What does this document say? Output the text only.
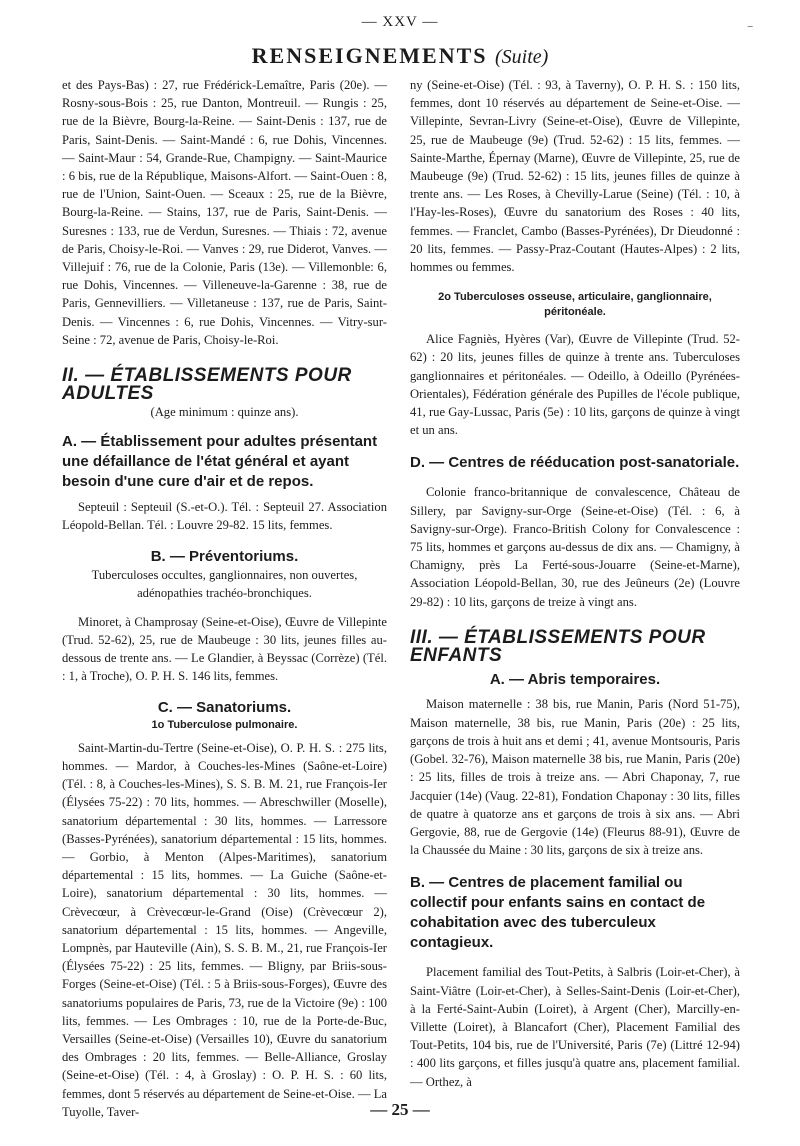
— XXV —
‾
RENSEIGNEMENTS (Suite)

et des Pays-Bas) : 27, rue Frédérick-Lemaître, Paris (20e). — Rosny-sous-Bois : 25, rue Danton, Montreuil. — Rungis : 25, rue de la Bièvre, Bourg-la-Reine. — Saint-Denis : 137, rue de Paris, Saint-Denis. — Saint-Mandé : 6, rue Dohis, Vincennes. — Saint-Maur : 54, Grande-Rue, Champigny. — Saint-Maurice : 6 bis, rue de la République, Maisons-Alfort. — Saint-Ouen : 8, rue de l'Union, Saint-Ouen. — Sceaux : 25, rue de la Bièvre, Bourg-la-Reine. — Stains, 137, rue de Paris, Saint-Denis. — Suresnes : 133, rue de Verdun, Suresnes. — Thiais : 72, avenue de Paris, Choisy-le-Roi. — Vanves : 29, rue Diderot, Vanves. — Villejuif : 76, rue de la Colonie, Paris (13e). — Villemonble: 6, rue Dohis, Vincennes. — Villeneuve-la-Garenne : 38, rue de Paris, Gennevilliers. — Villetaneuse : 137, rue de Paris, Saint-Denis. — Vincennes : 6, rue Dohis, Vincennes. — Vitry-sur-Seine : 72, avenue de Paris, Choisy-le-Roi.

II. — ÉTABLISSEMENTS POUR ADULTES

(Age minimum : quinze ans).

A. — Établissement pour adultes présentant une défaillance de l'état général et ayant besoin d'une cure d'air et de repos.

Septeuil : Septeuil (S.-et-O.). Tél. : Septeuil 27. Association Léopold-Bellan. Tél. : Louvre 29-82. 15 lits, femmes.

B. — Préventoriums.

Tuberculoses occultes, ganglionnaires, non ouvertes, adénopathies trachéo-bronchiques.

Minoret, à Champrosay (Seine-et-Oise), Œuvre de Villepinte (Trud. 52-62), 25, rue de Maubeuge : 30 lits, jeunes filles au-dessous de trente ans. — Le Glandier, à Beyssac (Corrèze) (Tél. : 1, à Troche), O. P. H. S. 146 lits, femmes.

C. — Sanatoriums.

1o Tuberculose pulmonaire.

Saint-Martin-du-Tertre (Seine-et-Oise), O. P. H. S. : 275 lits, hommes. — Mardor, à Couches-les-Mines (Saône-et-Loire) (Tél. : 8, à Couches-les-Mines), S. S. B. M. 21, rue François-Ier (Élysées 75-22) : 70 lits, hommes. — Abreschwiller (Moselle), sanatorium départemental : 30 lits, hommes. — Larressore (Basses-Pyrénées), sanatorium départemental : 15 lits, hommes. — Gorbio, à Menton (Alpes-Maritimes), sanatorium départemental : 15 lits, hommes. — La Guiche (Saône-et-Loire), sanatorium départemental : 30 lits, hommes. — Crèvecœur, à Crèvecœur-le-Grand (Oise) (Crèvecœur 2), sanatorium départemental : 15 lits, hommes. — Angeville, Lompnès, par Hauteville (Ain), S. S. B. M., 21, rue François-Ier (Élysées 75-22) : 25 lits, femmes. — Bligny, par Briis-sous-Forges (Seine-et-Oise) (Tél. : 5 à Briis-sous-Forges), Œuvre des sanatoriums populaires de Paris, 73, rue de la Victoire (9e) : 100 lits, femmes. — Les Ombrages : 10, rue de la Porte-de-Buc, Versailles (Seine-et-Oise) (Versailles 10), Œuvre du sanatorium des Ombrages : 20 lits, femmes. — Belle-Alliance, Groslay (Seine-et-Oise) (Tél. : 4, à Groslay) : O. P. H. S. : 60 lits, femmes, dont 5 réservés au département de Seine-et-Oise. — La Tuyolle, Taver-

ny (Seine-et-Oise) (Tél. : 93, à Taverny), O. P. H. S. : 150 lits, femmes, dont 10 réservés au département de Seine-et-Oise. — Villepinte, Sevran-Livry (Seine-et-Oise), Œuvre de Villepinte, 25, rue de Maubeuge (9e) (Trud. 52-62) : 15 lits, femmes. — Sainte-Marthe, Épernay (Marne), Œuvre de Villepinte, 25, rue de Maubeuge (9e) (Trud. 52-62) : 15 lits, jeunes filles de quinze à trente ans. — Les Roses, à Chevilly-Larue (Seine) (Tél. : 10, à l'Hay-les-Roses), Œuvre du sanatorium des Roses : 40 lits, femmes. — Franclet, Cambo (Basses-Pyrénées), Dr Dieudonné : 20 lits, femmes. — Passy-Praz-Coutant (Hautes-Alpes) : 2 lits, hommes ou femmes.

2o Tuberculoses osseuse, articulaire, ganglionnaire, péritonéale.

Alice Fagniès, Hyères (Var), Œuvre de Villepinte (Trud. 52-62) : 20 lits, jeunes filles de quinze à trente ans. Tuberculoses ganglionnaires et péritonéales. — Odeillo, à Odeillo (Pyrénées-Orientales), Fédération générale des Pupilles de l'école publique, 41, rue Gay-Lussac, Paris (5e) : 10 lits, garçons de quinze à vingt et un ans.

D. — Centres de rééducation post-sanatoriale.

Colonie franco-britannique de convalescence, Château de Sillery, par Savigny-sur-Orge (Seine-et-Oise) (Tél. : 6, à Savigny-sur-Orge). Franco-British Colony for Convalescence : 75 lits, hommes et garçons au-dessus de dix ans. — Chamigny, à Chamigny, près La Ferté-sous-Jouarre (Seine-et-Marne), Association Léopold-Bellan, 30, rue des Jeûneurs (2e) (Louvre 29-82) : 10 lits, garçons de treize à vingt ans.

III. — ÉTABLISSEMENTS POUR ENFANTS

A. — Abris temporaires.

Maison maternelle : 38 bis, rue Manin, Paris (Nord 51-75), Maison maternelle, 38 bis, rue Manin, Paris (20e) : 25 lits, garçons de trois à huit ans et demi ; 41, avenue Montsouris, Paris (Gobel. 32-76), Maison maternelle 38 bis, rue Manin, Paris (20e) : 25 lits, filles de trois à treize ans. — Abri Chaponay, 7, rue Jacquier (14e) (Vaug. 22-81), Fondation Chaponay : 30 lits, filles de quatre à quatorze ans et garçons de trois à six ans. — Abri Gergovie, 88, rue de Gergovie (14e) (Fleurus 88-91), Œuvre de la Chaussée du Maine : 30 lits, garçons de six à treize ans.

B. — Centres de placement familial ou collectif pour enfants sains en contact de cohabitation avec des tuberculeux contagieux.

Placement familial des Tout-Petits, à Salbris (Loir-et-Cher), à Saint-Viâtre (Loir-et-Cher), à Selles-Saint-Denis (Loir-et-Cher), à la Ferté-Saint-Aubin (Loiret), à Argent (Cher), Marcilly-en-Villette (Loiret), à Blancafort (Cher), Placement Familial des Tout-Petits, 104 bis, rue de l'Université, Paris (7e) (Littré 12-94) : 400 lits garçons, et filles jusqu'à quatre ans, placement familial. — Orthez, à

— 25 —
